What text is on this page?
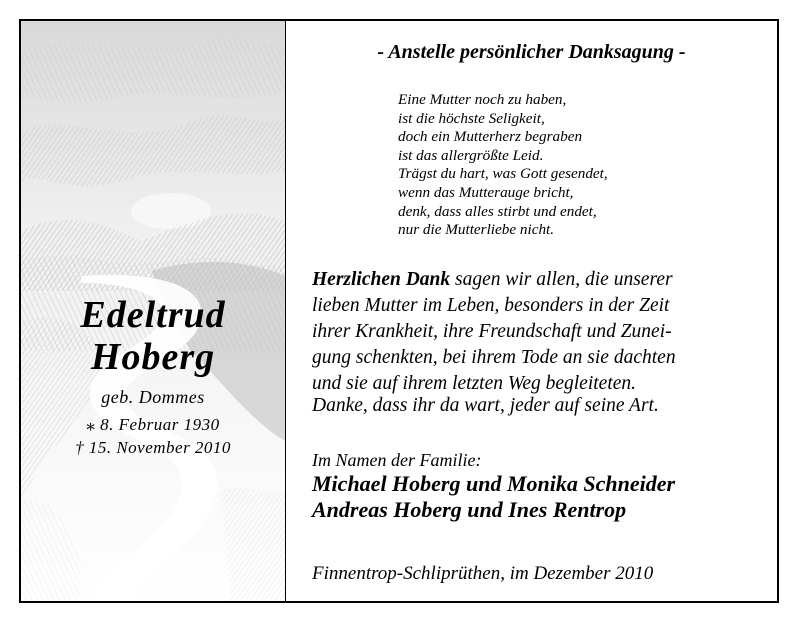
Edeltrud
Hoberg
geb. Dommes
⁎ 8. Februar 1930
† 15. November 2010
- Anstelle persönlicher Danksagung -
Eine Mutter noch zu haben,
ist die höchste Seligkeit,
doch ein Mutterherz begraben
ist das allergrößte Leid.
Trägst du hart, was Gott gesendet,
wenn das Mutterauge bricht,
denk, dass alles stirbt und endet,
nur die Mutterliebe nicht.
Herzlichen Dank sagen wir allen, die unserer
lieben Mutter im Leben, besonders in der Zeit
ihrer Krankheit, ihre Freundschaft und Zunei-
gung schenkten, bei ihrem Tode an sie dachten
und sie auf ihrem letzten Weg begleiteten.
Danke, dass ihr da wart, jeder auf seine Art.
Im Namen der Familie:
Michael Hoberg und Monika Schneider
Andreas Hoberg und Ines Rentrop
Finnentrop-Schliprüthen, im Dezember 2010
